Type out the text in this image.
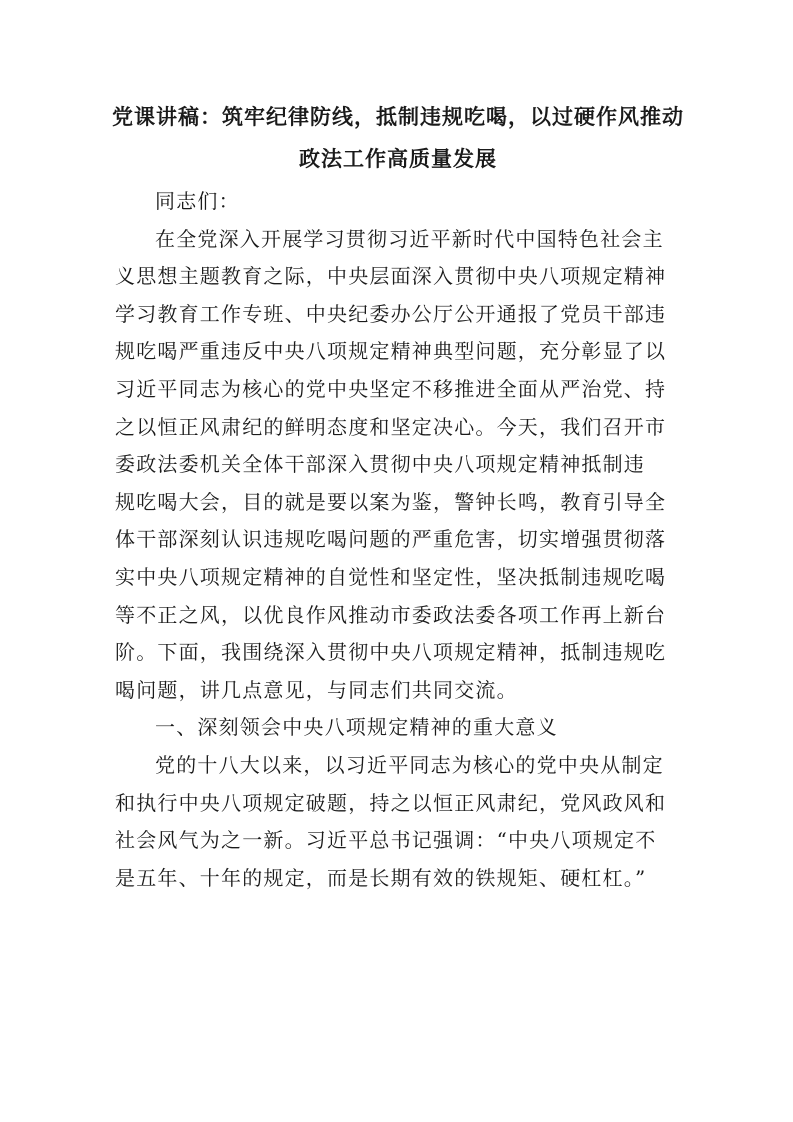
党课讲稿：筑牢纪律防线，抵制违规吃喝，以过硬作风推动
政法工作高质量发展

同志们：

在全党深入开展学习贯彻习近平新时代中国特色社会主
义思想主题教育之际，中央层面深入贯彻中央八项规定精神
学习教育工作专班、中央纪委办公厅公开通报了党员干部违
规吃喝严重违反中央八项规定精神典型问题，充分彰显了以
习近平同志为核心的党中央坚定不移推进全面从严治党、持
之以恒正风肃纪的鲜明态度和坚定决心。今天，我们召开市
委政法委机关全体干部深入贯彻中央八项规定精神抵制违
规吃喝大会，目的就是要以案为鉴，警钟长鸣，教育引导全
体干部深刻认识违规吃喝问题的严重危害，切实增强贯彻落
实中央八项规定精神的自觉性和坚定性，坚决抵制违规吃喝
等不正之风，以优良作风推动市委政法委各项工作再上新台
阶。下面，我围绕深入贯彻中央八项规定精神，抵制违规吃
喝问题，讲几点意见，与同志们共同交流。

一、深刻领会中央八项规定精神的重大意义

党的十八大以来，以习近平同志为核心的党中央从制定
和执行中央八项规定破题，持之以恒正风肃纪，党风政风和
社会风气为之一新。习近平总书记强调：“中央八项规定不
是五年、十年的规定，而是长期有效的铁规矩、硬杠杠。”
